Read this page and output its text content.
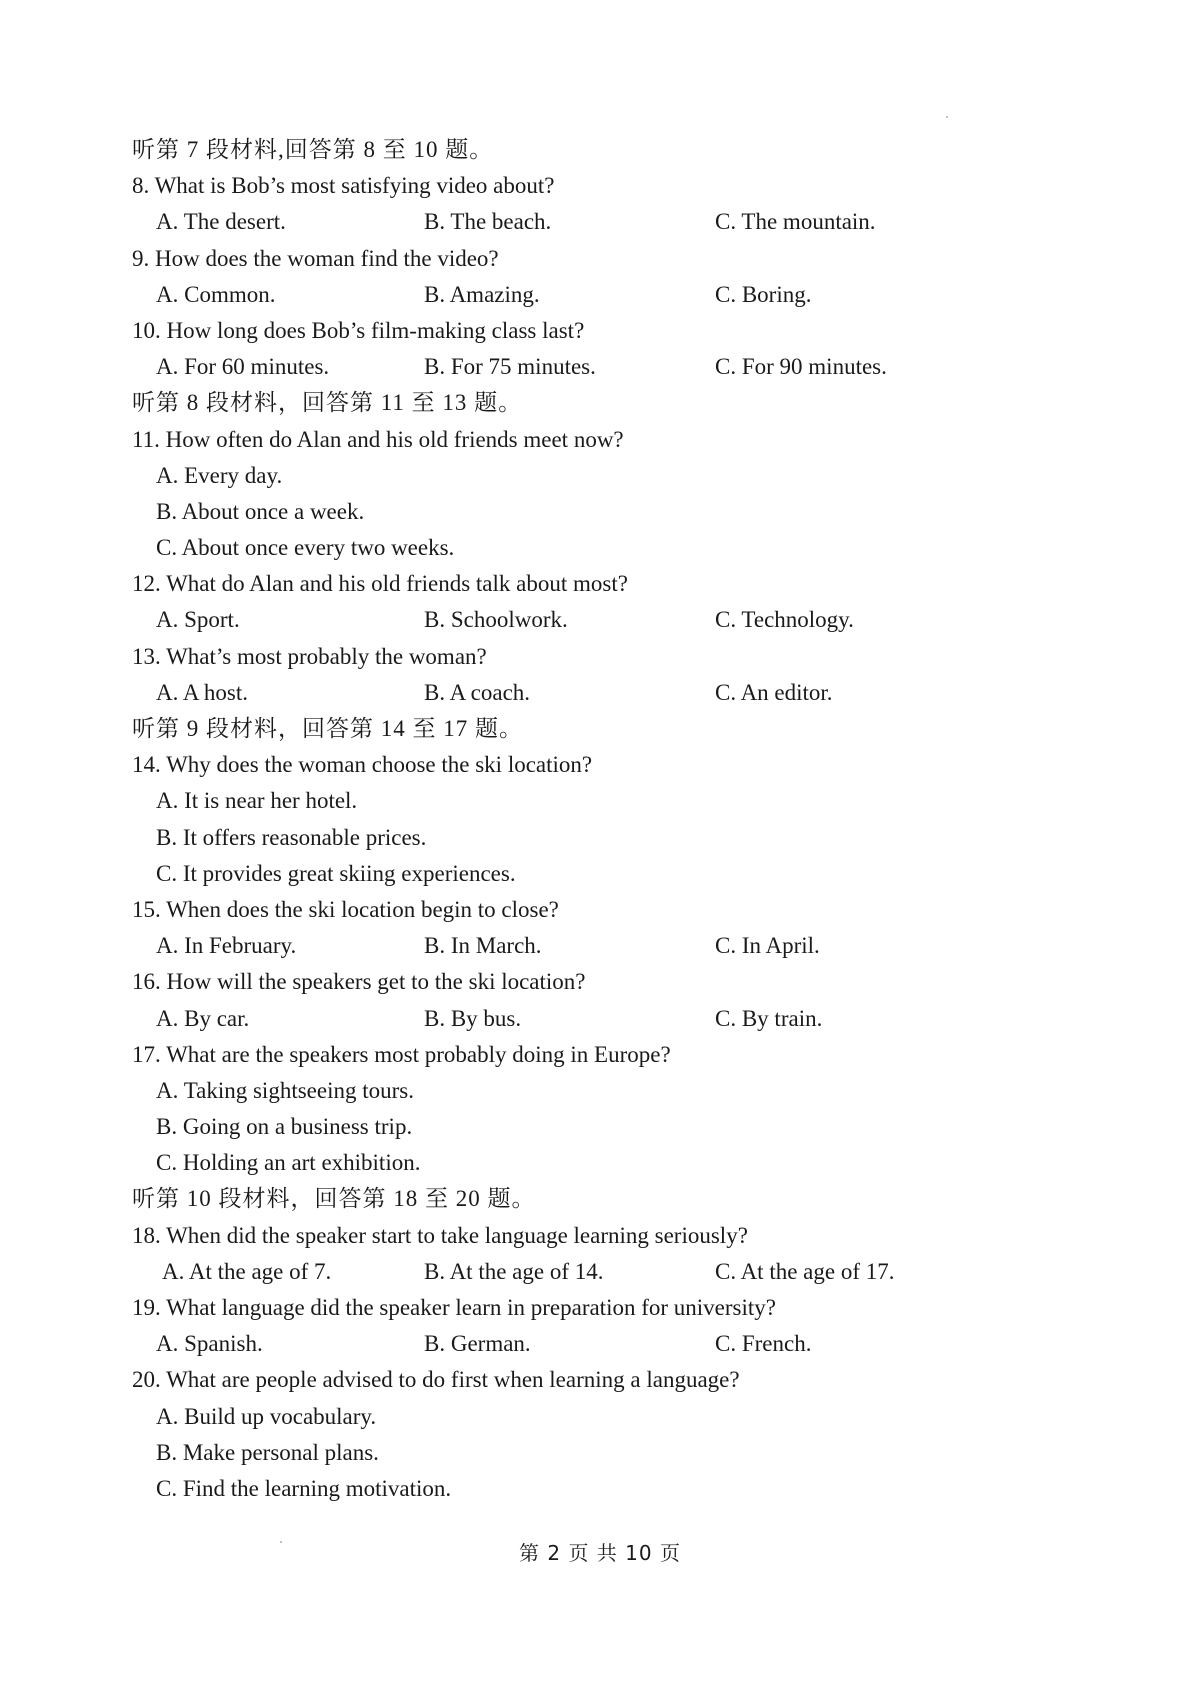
听第 7 段材料,回答第 8 至 10 题。
8. What is Bob’s most satisfying video about?
A. The desert.	B. The beach.	C. The mountain.
9. How does the woman find the video?
A. Common.	B. Amazing.	C. Boring.
10. How long does Bob’s film-making class last?
A. For 60 minutes.	B. For 75 minutes.	C. For 90 minutes.
听第 8 段材料，回答第 11 至 13 题。
11. How often do Alan and his old friends meet now?
A. Every day.
B. About once a week.
C. About once every two weeks.
12. What do Alan and his old friends talk about most?
A. Sport.	B. Schoolwork.	C. Technology.
13. What’s most probably the woman?
A. A host.	B. A coach.	C. An editor.
听第 9 段材料，回答第 14 至 17 题。
14. Why does the woman choose the ski location?
A. It is near her hotel.
B. It offers reasonable prices.
C. It provides great skiing experiences.
15. When does the ski location begin to close?
A. In February.	B. In March.	C. In April.
16. How will the speakers get to the ski location?
A. By car.	B. By bus.	C. By train.
17. What are the speakers most probably doing in Europe?
A. Taking sightseeing tours.
B. Going on a business trip.
C. Holding an art exhibition.
听第 10 段材料，回答第 18 至 20 题。
18. When did the speaker start to take language learning seriously?
A. At the age of 7.	B. At the age of 14.	C. At the age of 17.
19. What language did the speaker learn in preparation for university?
A. Spanish.	B. German.	C. French.
20. What are people advised to do first when learning a language?
A. Build up vocabulary.
B. Make personal plans.
C. Find the learning motivation.
第 2 页 共 10 页
